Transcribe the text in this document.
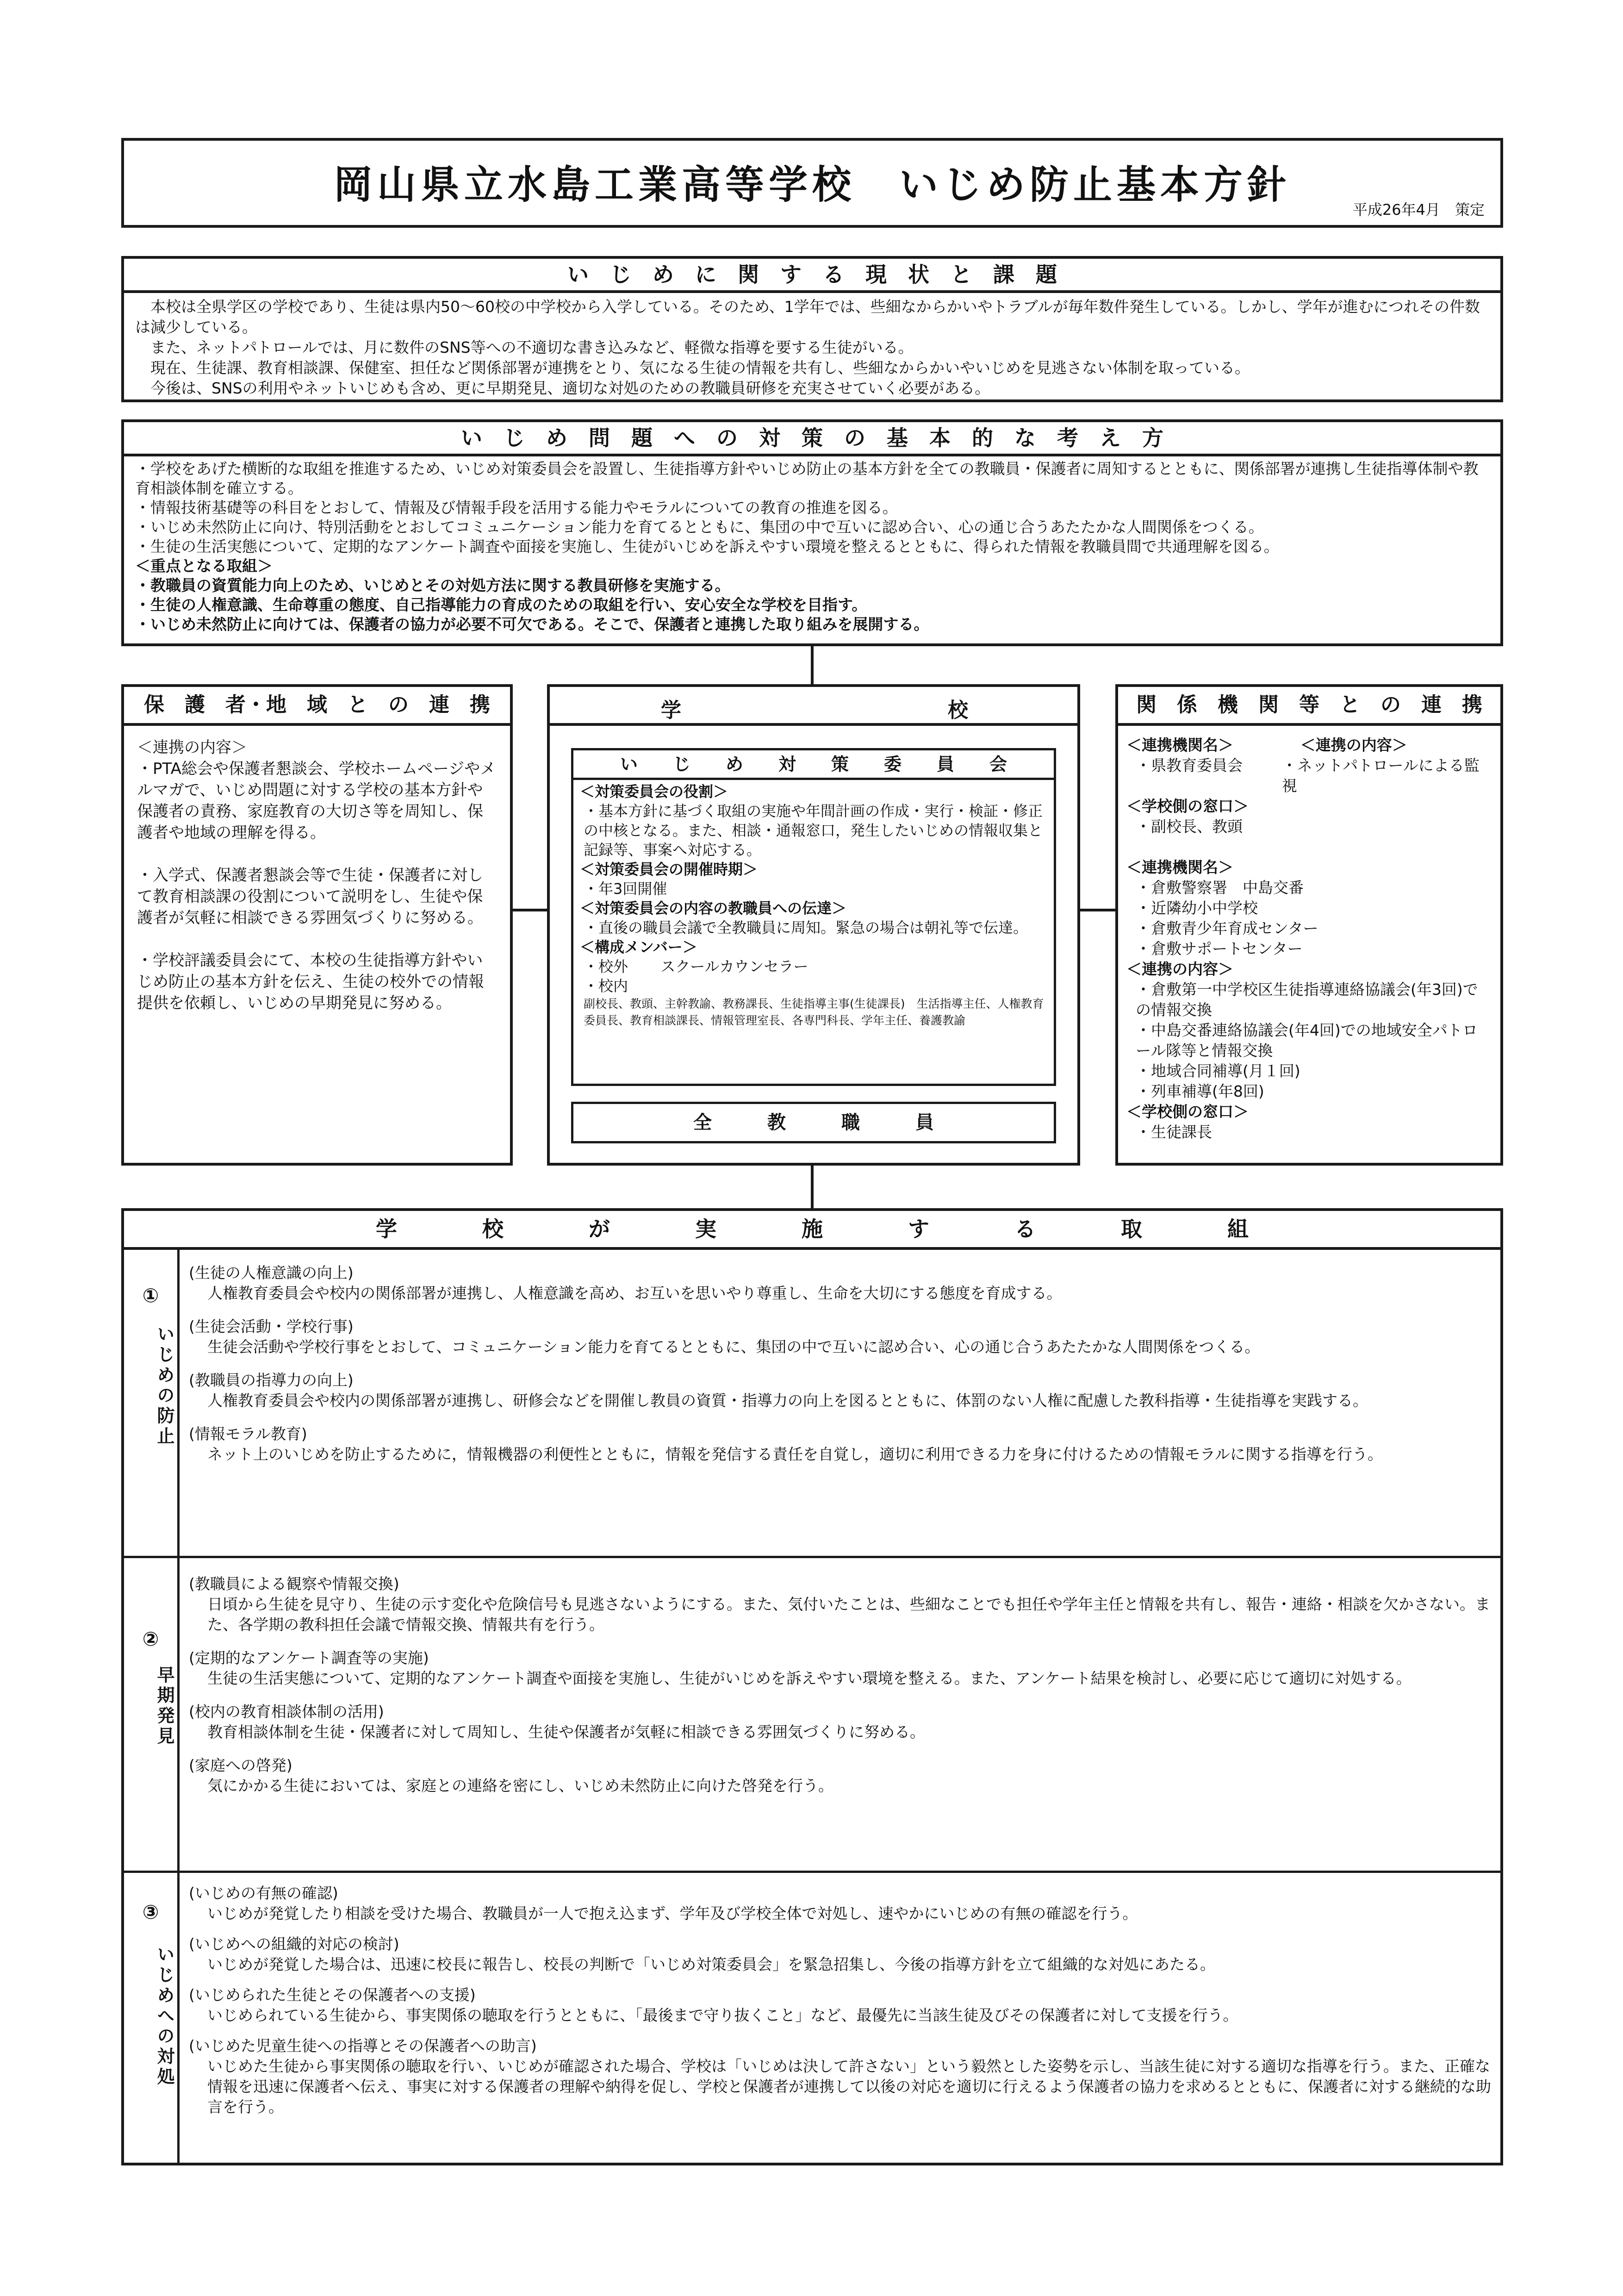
岡山県立水島工業高等学校　いじめ防止基本方針
平成26年4月　策定
い　じ　め　に　関　す　る　現　状　と　課　題

　本校は全県学区の学校であり、生徒は県内50～60校の中学校から入学している。そのため、1学年では、些細なからかいやトラブルが毎年数件発生している。しかし、学年が進むにつれその件数は減少している。

　また、ネットパトロールでは、月に数件のSNS等への不適切な書き込みなど、軽微な指導を要する生徒がいる。

　現在、生徒課、教育相談課、保健室、担任など関係部署が連携をとり、気になる生徒の情報を共有し、些細なからかいやいじめを見逃さない体制を取っている。

　今後は、SNSの利用やネットいじめも含め、更に早期発見、適切な対処のための教職員研修を充実させていく必要がある。

い　じ　め　問　題　へ　の　対　策　の　基　本　的　な　考　え　方

・学校をあげた横断的な取組を推進するため、いじめ対策委員会を設置し、生徒指導方針やいじめ防止の基本方針を全ての教職員・保護者に周知するとともに、関係部署が連携し生徒指導体制や教育相談体制を確立する。

・情報技術基礎等の科目をとおして、情報及び情報手段を活用する能力やモラルについての教育の推進を図る。

・いじめ未然防止に向け、特別活動をとおしてコミュニケーション能力を育てるとともに、集団の中で互いに認め合い、心の通じ合うあたたかな人間関係をつくる。

・生徒の生活実態について、定期的なアンケート調査や面接を実施し、生徒がいじめを訴えやすい環境を整えるとともに、得られた情報を教職員間で共通理解を図る。

＜重点となる取組＞

・教職員の資質能力向上のため、いじめとその対処方法に関する教員研修を実施する。

・生徒の人権意識、生命尊重の態度、自己指導能力の育成のための取組を行い、安心安全な学校を目指す。

・いじめ未然防止に向けては、保護者の協力が必要不可欠である。そこで、保護者と連携した取り組みを展開する。

保　護　者・地　域　と　の　連　携

＜連携の内容＞

・PTA総会や保護者懇談会、学校ホームページやメルマガで、いじめ問題に対する学校の基本方針や保護者の責務、家庭教育の大切さ等を周知し、保護者や地域の理解を得る。

・入学式、保護者懇談会等で生徒・保護者に対して教育相談課の役割について説明をし、生徒や保護者が気軽に相談できる雰囲気づくりに努める。

・学校評議委員会にて、本校の生徒指導方針やいじめ防止の基本方針を伝え、生徒の校外での情報提供を依頼し、いじめの早期発見に努める。

学	校
い　　じ　　め　　対　　策　　委　　員　　会

＜対策委員会の役割＞

・基本方針に基づく取組の実施や年間計画の作成・実行・検証・修正の中核となる。また、相談・通報窓口，発生したいじめの情報収集と記録等、事案へ対応する。

＜対策委員会の開催時期＞

・年3回開催

＜対策委員会の内容の教職員への伝達＞

・直後の職員会議で全教職員に周知。緊急の場合は朝礼等で伝達。

＜構成メンバー＞

・校外 スクールカウンセラー

・校内

副校長、教頭、主幹教諭、教務課長、生徒指導主事(生徒課長)　生活指導主任、人権教育委員長、教育相談課長、情報管理室長、各専門科長、学年主任、養護教諭

全　　　教　　　職　　　員
関　係　機　関　等　と　の　連　携

＜連携機関名＞

・県教育委員会

＜連携の内容＞

・ネットパトロールによる監視

＜学校側の窓口＞

・副校長、教頭

＜連携機関名＞

・倉敷警察署　中島交番

・近隣幼小中学校

・倉敷青少年育成センター

・倉敷サポートセンター

＜連携の内容＞

・倉敷第一中学校区生徒指導連絡協議会(年3回)での情報交換

・中島交番連絡協議会(年4回)での地域安全パトロール隊等と情報交換

・地域合同補導(月１回)

・列車補導(年8回)

＜学校側の窓口＞

・生徒課長

学　　　　校　　　　が　　　　実　　　　施　　　　す　　　　る　　　　取　　　　組
①
いじめの防止
(生徒の人権意識の向上)
人権教育委員会や校内の関係部署が連携し、人権意識を高め、お互いを思いやり尊重し、生命を大切にする態度を育成する。
(生徒会活動・学校行事)
生徒会活動や学校行事をとおして、コミュニケーション能力を育てるとともに、集団の中で互いに認め合い、心の通じ合うあたたかな人間関係をつくる。
(教職員の指導力の向上)
人権教育委員会や校内の関係部署が連携し、研修会などを開催し教員の資質・指導力の向上を図るとともに、体罰のない人権に配慮した教科指導・生徒指導を実践する。
(情報モラル教育)
ネット上のいじめを防止するために，情報機器の利便性とともに，情報を発信する責任を自覚し，適切に利用できる力を身に付けるための情報モラルに関する指導を行う。
②
早期発見
(教職員による観察や情報交換)
日頃から生徒を見守り、生徒の示す変化や危険信号も見逃さないようにする。また、気付いたことは、些細なことでも担任や学年主任と情報を共有し、報告・連絡・相談を欠かさない。また、各学期の教科担任会議で情報交換、情報共有を行う。
(定期的なアンケート調査等の実施)
生徒の生活実態について、定期的なアンケート調査や面接を実施し、生徒がいじめを訴えやすい環境を整える。また、アンケート結果を検討し、必要に応じて適切に対処する。
(校内の教育相談体制の活用)
教育相談体制を生徒・保護者に対して周知し、生徒や保護者が気軽に相談できる雰囲気づくりに努める。
(家庭への啓発)
気にかかる生徒においては、家庭との連絡を密にし、いじめ未然防止に向けた啓発を行う。
③
いじめへの対処
(いじめの有無の確認)
いじめが発覚したり相談を受けた場合、教職員が一人で抱え込まず、学年及び学校全体で対処し、速やかにいじめの有無の確認を行う。
(いじめへの組織的対応の検討)
いじめが発覚した場合は、迅速に校長に報告し、校長の判断で「いじめ対策委員会」を緊急招集し、今後の指導方針を立て組織的な対処にあたる。
(いじめられた生徒とその保護者への支援)
いじめられている生徒から、事実関係の聴取を行うとともに、「最後まで守り抜くこと」など、最優先に当該生徒及びその保護者に対して支援を行う。
(いじめた児童生徒への指導とその保護者への助言)
いじめた生徒から事実関係の聴取を行い、いじめが確認された場合、学校は「いじめは決して許さない」という毅然とした姿勢を示し、当該生徒に対する適切な指導を行う。また、正確な情報を迅速に保護者へ伝え、事実に対する保護者の理解や納得を促し、学校と保護者が連携して以後の対応を適切に行えるよう保護者の協力を求めるとともに、保護者に対する継続的な助言を行う。
